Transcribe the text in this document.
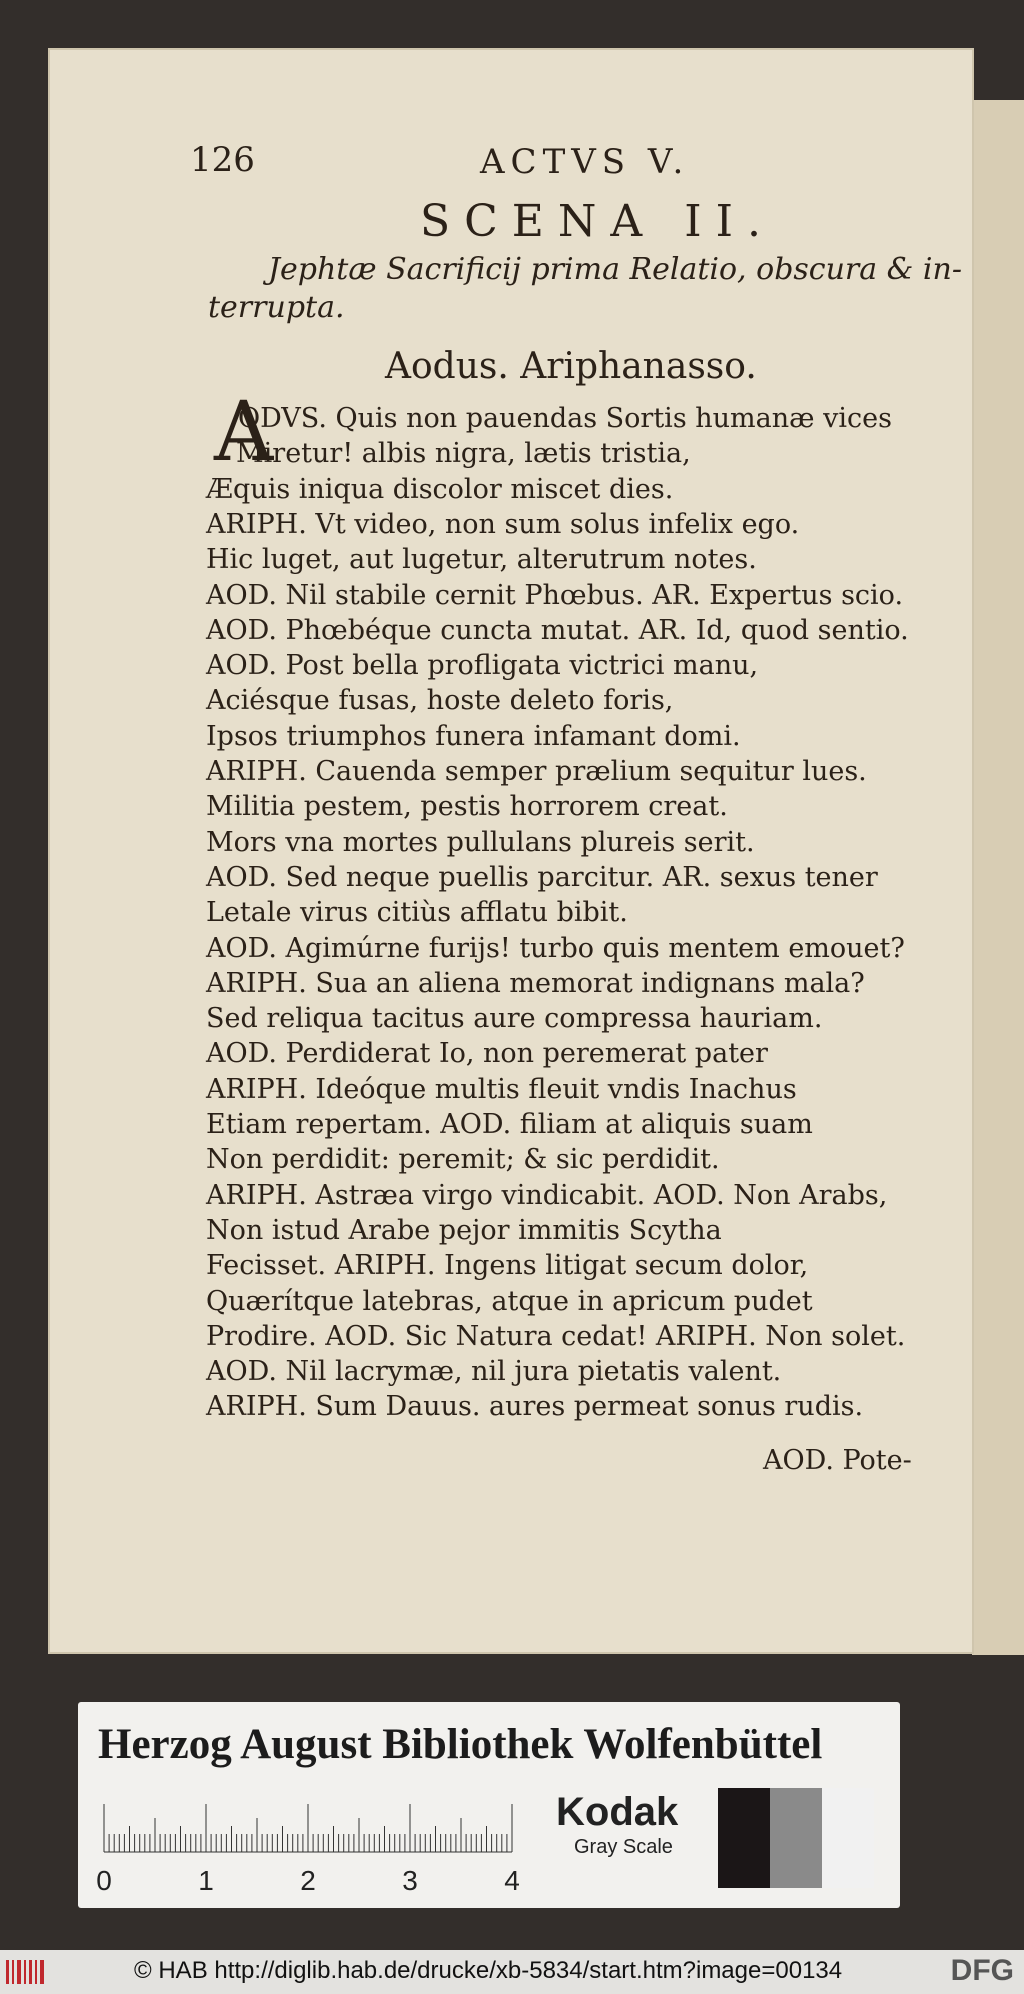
126	ACTVS V.
SCENA II.
Jephtæ Sacrificij prima Relatio, obscura & in-
terrupta.
Aodus. Ariphanasso.
A
ODVS. Quis non pauendas Sortis humanæ vices
Miretur! albis nigra, lætis tristia,
Æquis iniqua discolor miscet dies.
ARIPH. Vt video, non sum solus infelix ego.
Hic luget, aut lugetur, alterutrum notes.
AOD. Nil stabile cernit Phœbus. AR. Expertus scio.
AOD. Phœbéque cuncta mutat. AR. Id, quod sentio.
AOD. Post bella profligata victrici manu,
Aciésque fusas, hoste deleto foris,
Ipsos triumphos funera infamant domi.
ARIPH. Cauenda semper prælium sequitur lues.
Militia pestem, pestis horrorem creat.
Mors vna mortes pullulans plureis serit.
AOD. Sed neque puellis parcitur. AR. sexus tener
Letale virus citiùs afflatu bibit.
AOD. Agimúrne furijs! turbo quis mentem emouet?
ARIPH. Sua an aliena memorat indignans mala?
Sed reliqua tacitus aure compressa hauriam.
AOD. Perdiderat Io, non peremerat pater
ARIPH. Ideóque multis fleuit vndis Inachus
Etiam repertam. AOD. filiam at aliquis suam
Non perdidit: peremit; & sic perdidit.
ARIPH. Astræa virgo vindicabit. AOD. Non Arabs,
Non istud Arabe pejor immitis Scytha
Fecisset. ARIPH. Ingens litigat secum dolor,
Quærítque latebras, atque in apricum pudet
Prodire. AOD. Sic Natura cedat! ARIPH. Non solet.
AOD. Nil lacrymæ, nil jura pietatis valent.
ARIPH. Sum Dauus. aures permeat sonus rudis.
AOD. Pote-
Herzog August Bibliothek Wolfenbüttel
0	1	2	3	4
Kodak
Gray Scale
© HAB http://diglib.hab.de/drucke/xb-5834/start.htm?image=00134	DFG
